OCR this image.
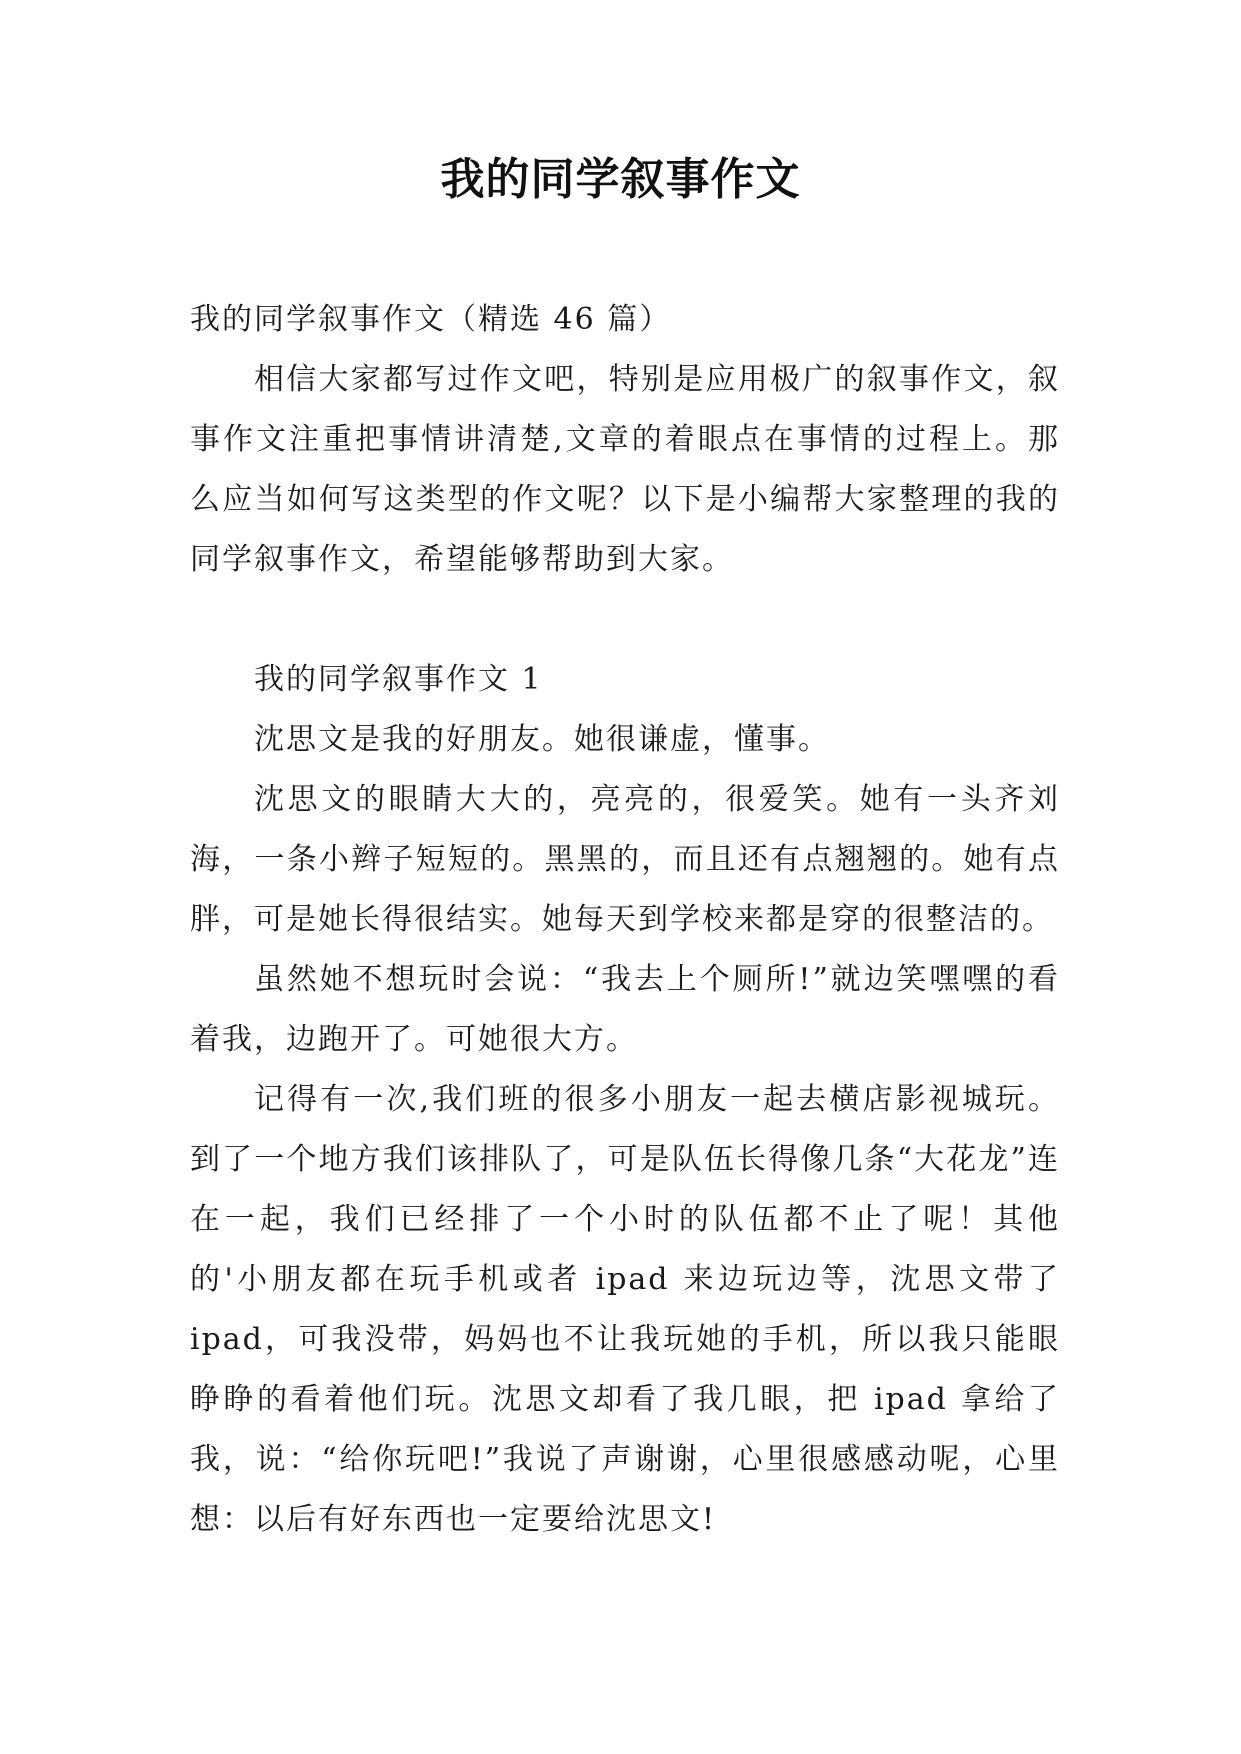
我的同学叙事作文

我的同学叙事作文（精选 46 篇）

相信大家都写过作文吧，特别是应用极广的叙事作文，叙事作文注重把事情讲清楚,文章的着眼点在事情的过程上。那么应当如何写这类型的作文呢？以下是小编帮大家整理的我的同学叙事作文，希望能够帮助到大家。

我的同学叙事作文 1

沈思文是我的好朋友。她很谦虚，懂事。

沈思文的眼睛大大的，亮亮的，很爱笑。她有一头齐刘海，一条小辫子短短的。黑黑的，而且还有点翘翘的。她有点胖，可是她长得很结实。她每天到学校来都是穿的很整洁的。

虽然她不想玩时会说：“我去上个厕所!”就边笑嘿嘿的看着我，边跑开了。可她很大方。

记得有一次,我们班的很多小朋友一起去横店影视城玩。到了一个地方我们该排队了，可是队伍长得像几条“大花龙”连在一起，我们已经排了一个小时的队伍都不止了呢！其他的'小朋友都在玩手机或者 ipad 来边玩边等，沈思文带了 ipad，可我没带，妈妈也不让我玩她的手机，所以我只能眼睁睁的看着他们玩。沈思文却看了我几眼，把 ipad 拿给了我，说：“给你玩吧!”我说了声谢谢，心里很感感动呢，心里想：以后有好东西也一定要给沈思文!
